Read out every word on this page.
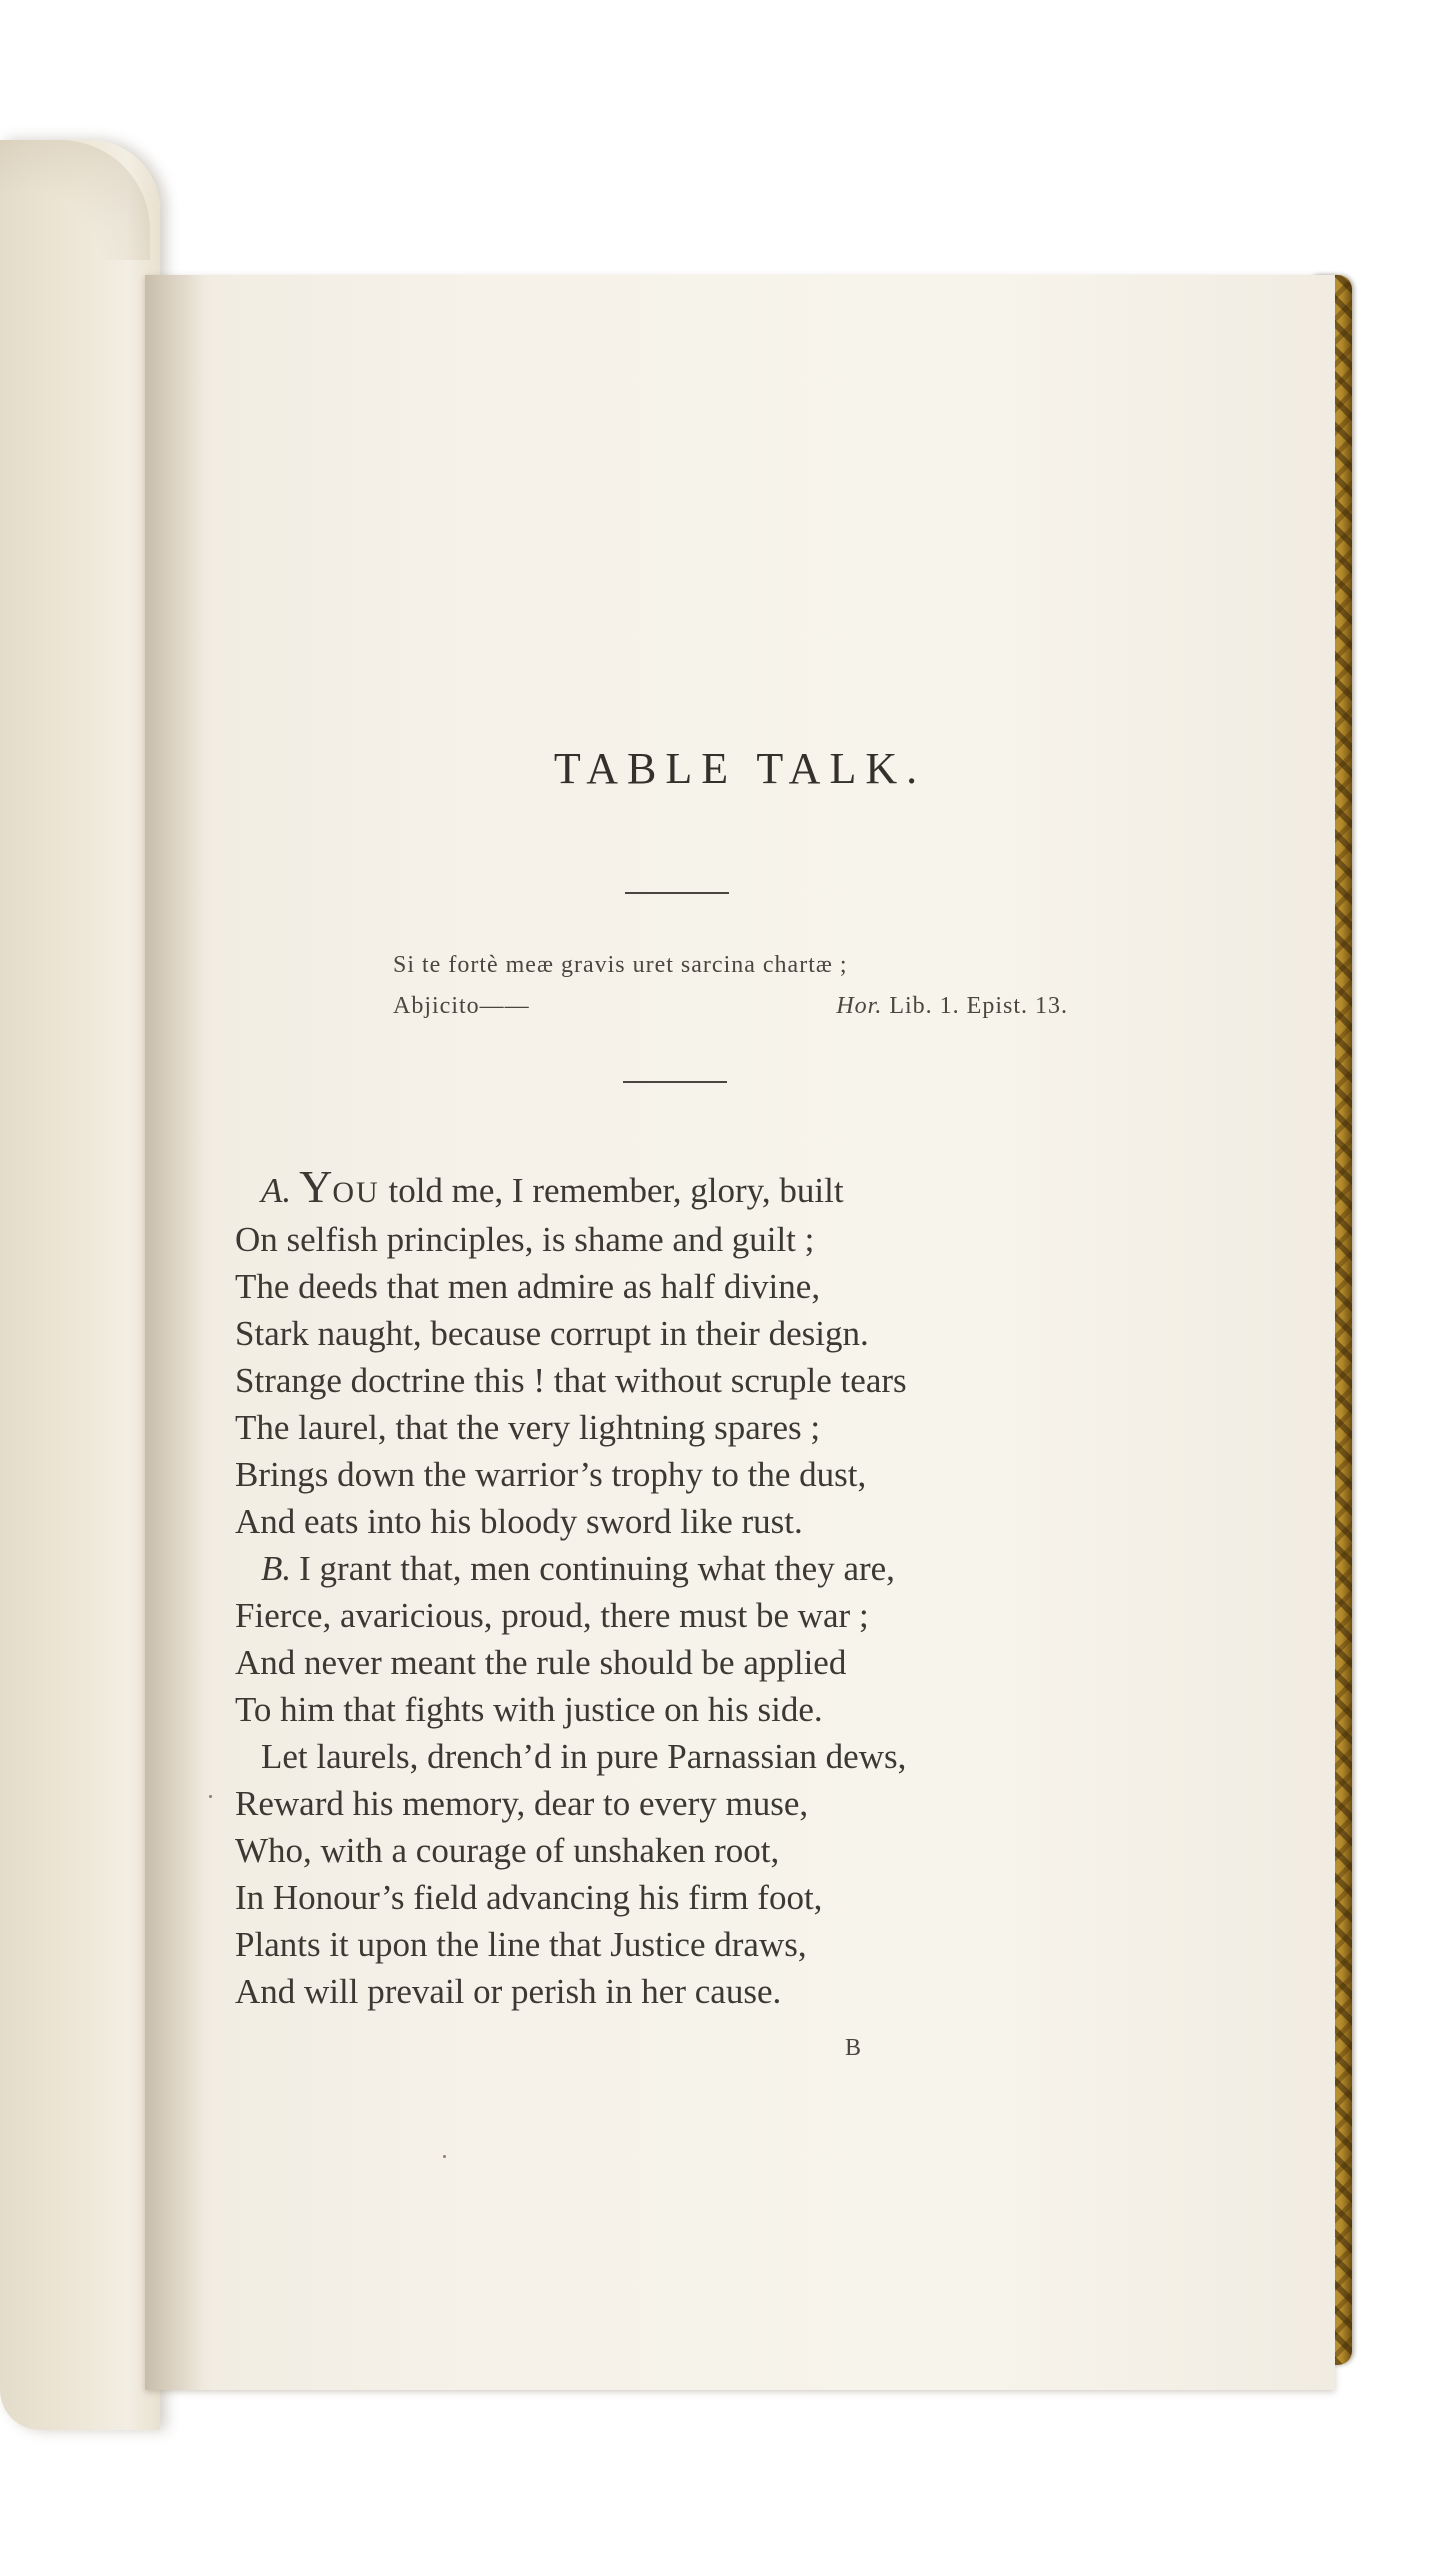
TABLE TALK.
Si te fortè meæ gravis uret sarcina chartæ ;
Abjicito——	Hor. Lib. 1. Epist. 13.
A. YOU told me, I remember, glory, built
On selfish principles, is shame and guilt ;
The deeds that men admire as half divine,
Stark naught, because corrupt in their design.
Strange doctrine this ! that without scruple tears
The laurel, that the very lightning spares ;
Brings down the warrior’s trophy to the dust,
And eats into his bloody sword like rust.
B. I grant that, men continuing what they are,
Fierce, avaricious, proud, there must be war ;
And never meant the rule should be applied
To him that fights with justice on his side.
Let laurels, drench’d in pure Parnassian dews,
Reward his memory, dear to every muse,
Who, with a courage of unshaken root,
In Honour’s field advancing his firm foot,
Plants it upon the line that Justice draws,
And will prevail or perish in her cause.
B
